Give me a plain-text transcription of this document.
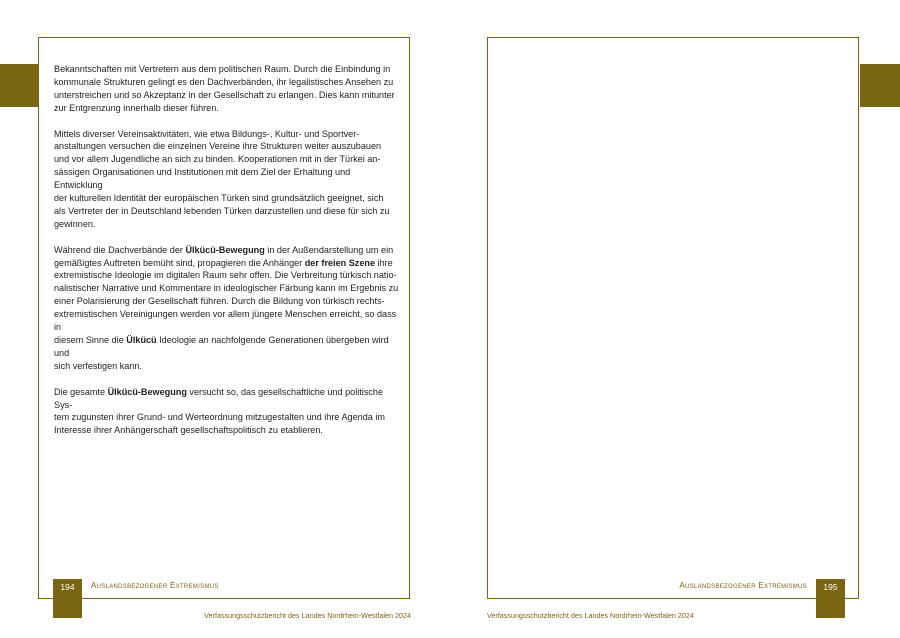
Bekanntschaften mit Vertretern aus dem politischen Raum. Durch die Einbindung in
kommunale Strukturen gelingt es den Dachverbänden, ihr legalistisches Ansehen zu
unterstreichen und so Akzeptanz in der Gesellschaft zu erlangen. Dies kann mitunter
zur Entgrenzung innerhalb dieser führen.

Mittels diverser Vereinsaktivitäten, wie etwa Bildungs-, Kultur- und Sportver-
anstaltungen versuchen die einzelnen Vereine ihre Strukturen weiter auszubauen
und vor allem Jugendliche an sich zu binden. Kooperationen mit in der Türkei an-
sässigen Organisationen und Institutionen mit dem Ziel der Erhaltung und Entwicklung
der kulturellen Identität der europäischen Türken sind grundsätzlich geeignet, sich
als Vertreter der in Deutschland lebenden Türken darzustellen und diese für sich zu
gewinnen.

Während die Dachverbände der Ülkücü-Bewegung in der Außendarstellung um ein
gemäßigtes Auftreten bemüht sind, propagieren die Anhänger der freien Szene ihre
extremistische Ideologie im digitalen Raum sehr offen. Die Verbreitung türkisch natio-
nalistischer Narrative und Kommentare in ideologischer Färbung kann im Ergebnis zu
einer Polarisierung der Gesellschaft führen. Durch die Bildung von türkisch rechts-
extremistischen Vereinigungen werden vor allem jüngere Menschen erreicht, so dass in
diesem Sinne die Ülkücü Ideologie an nachfolgende Generationen übergeben wird und
sich verfestigen kann.

Die gesamte Ülkücü-Bewegung versucht so, das gesellschaftliche und politische Sys-
tem zugunsten ihrer Grund- und Werteordnung mitzugestalten und ihre Agenda im
Interesse ihrer Anhängerschaft gesellschaftspolitisch zu etablieren.

194	Auslandsbezogener Extremismus
Verfassungsschutzbericht des Landes Nordrhein-Westfalen 2024
195
Auslandsbezogener Extremismus
Verfassungsschutzbericht des Landes Nordrhein-Westfalen 2024
